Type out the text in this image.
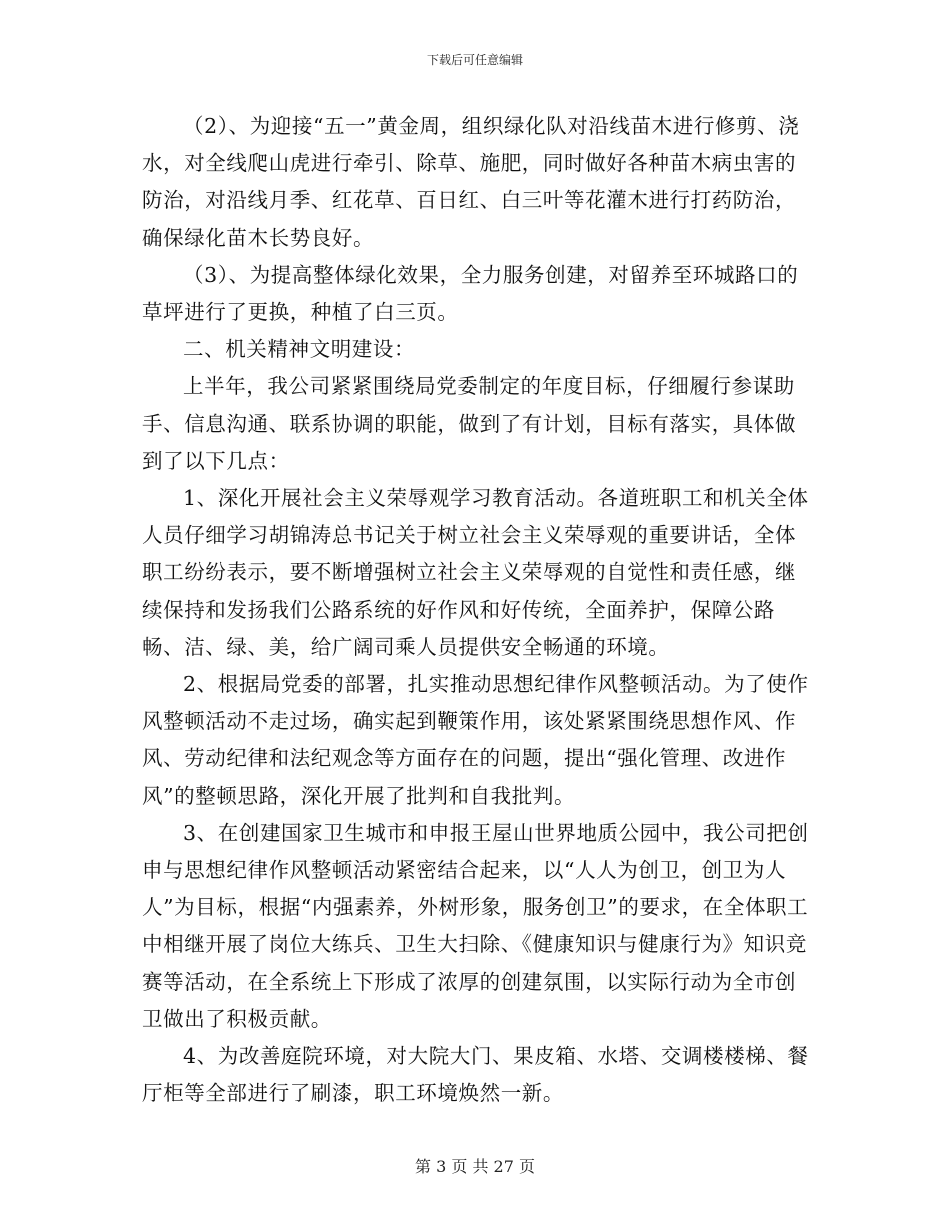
下载后可任意编辑

（2）、为迎接“五一”黄金周，组织绿化队对沿线苗木进行修剪、浇水，对全线爬山虎进行牵引、除草、施肥，同时做好各种苗木病虫害的防治，对沿线月季、红花草、百日红、白三叶等花灌木进行打药防治，确保绿化苗木长势良好。

（3）、为提高整体绿化效果，全力服务创建，对留养至环城路口的草坪进行了更换，种植了白三页。

二、机关精神文明建设：

上半年，我公司紧紧围绕局党委制定的年度目标，仔细履行参谋助手、信息沟通、联系协调的职能，做到了有计划，目标有落实，具体做到了以下几点：

1、深化开展社会主义荣辱观学习教育活动。各道班职工和机关全体人员仔细学习胡锦涛总书记关于树立社会主义荣辱观的重要讲话，全体职工纷纷表示，要不断增强树立社会主义荣辱观的自觉性和责任感，继续保持和发扬我们公路系统的好作风和好传统，全面养护，保障公路畅、洁、绿、美，给广阔司乘人员提供安全畅通的环境。

2、根据局党委的部署，扎实推动思想纪律作风整顿活动。为了使作风整顿活动不走过场，确实起到鞭策作用，该处紧紧围绕思想作风、作风、劳动纪律和法纪观念等方面存在的问题，提出“强化管理、改进作风”的整顿思路，深化开展了批判和自我批判。

3、在创建国家卫生城市和申报王屋山世界地质公园中，我公司把创申与思想纪律作风整顿活动紧密结合起来，以“人人为创卫，创卫为人人”为目标，根据“内强素养，外树形象，服务创卫”的要求，在全体职工中相继开展了岗位大练兵、卫生大扫除、《健康知识与健康行为》知识竞赛等活动，在全系统上下形成了浓厚的创建氛围，以实际行动为全市创卫做出了积极贡献。

4、为改善庭院环境，对大院大门、果皮箱、水塔、交调楼楼梯、餐厅柜等全部进行了刷漆，职工环境焕然一新。

第 3 页 共 27 页
